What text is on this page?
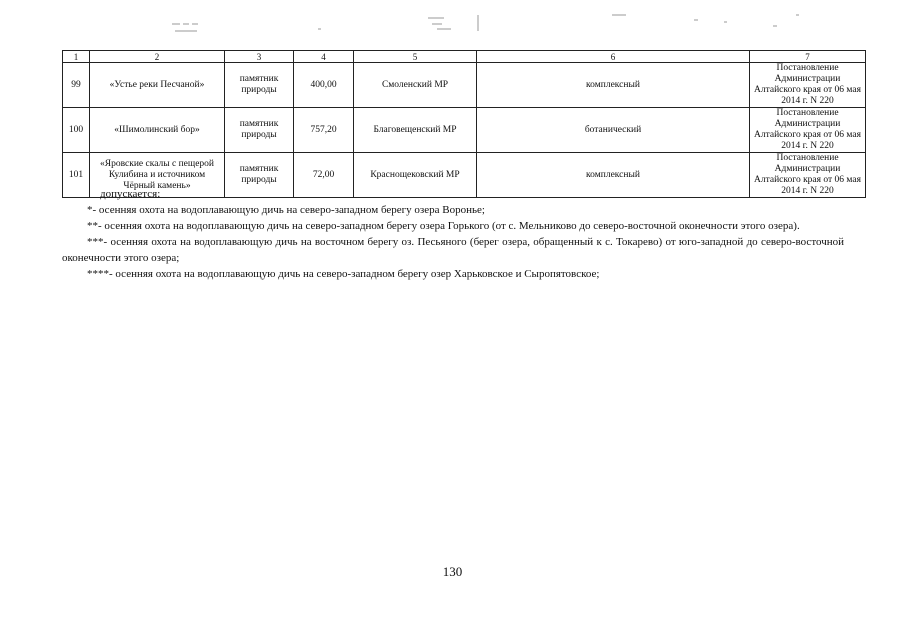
1	2	3	4	5	6	7
99	«Устье реки Песчаной»	памятник природы	400,00	Смоленский МР	комплексный	Постановление Администрации Алтайского края от 06 мая 2014 г. N 220
100	«Шимолинский бор»	памятник природы	757,20	Благовещенский МР	ботанический	Постановление Администрации Алтайского края от 06 мая 2014 г. N 220
101	«Яровские скалы с пещерой Кулибина и источником Чёрный камень»	памятник природы	72,00	Краснощековский МР	комплексный	Постановление Администрации Алтайского края от 06 мая 2014 г. N 220

допускается:

*- осенняя охота на водоплавающую дичь на северо-западном берегу озера Воронье;

**- осенняя охота на водоплавающую дичь на северо-западном берегу озера Горького (от с. Мельниково до северо-восточной оконечности этого озера).

***- осенняя охота на водоплавающую дичь на восточном берегу оз. Песьяного (берег озера, обращенный к с. Токарево) от юго-западной до северо-восточной оконечности этого озера;

****- осенняя охота на водоплавающую дичь на северо-западном берегу озер Харьковское и Сыропятовское;

130
